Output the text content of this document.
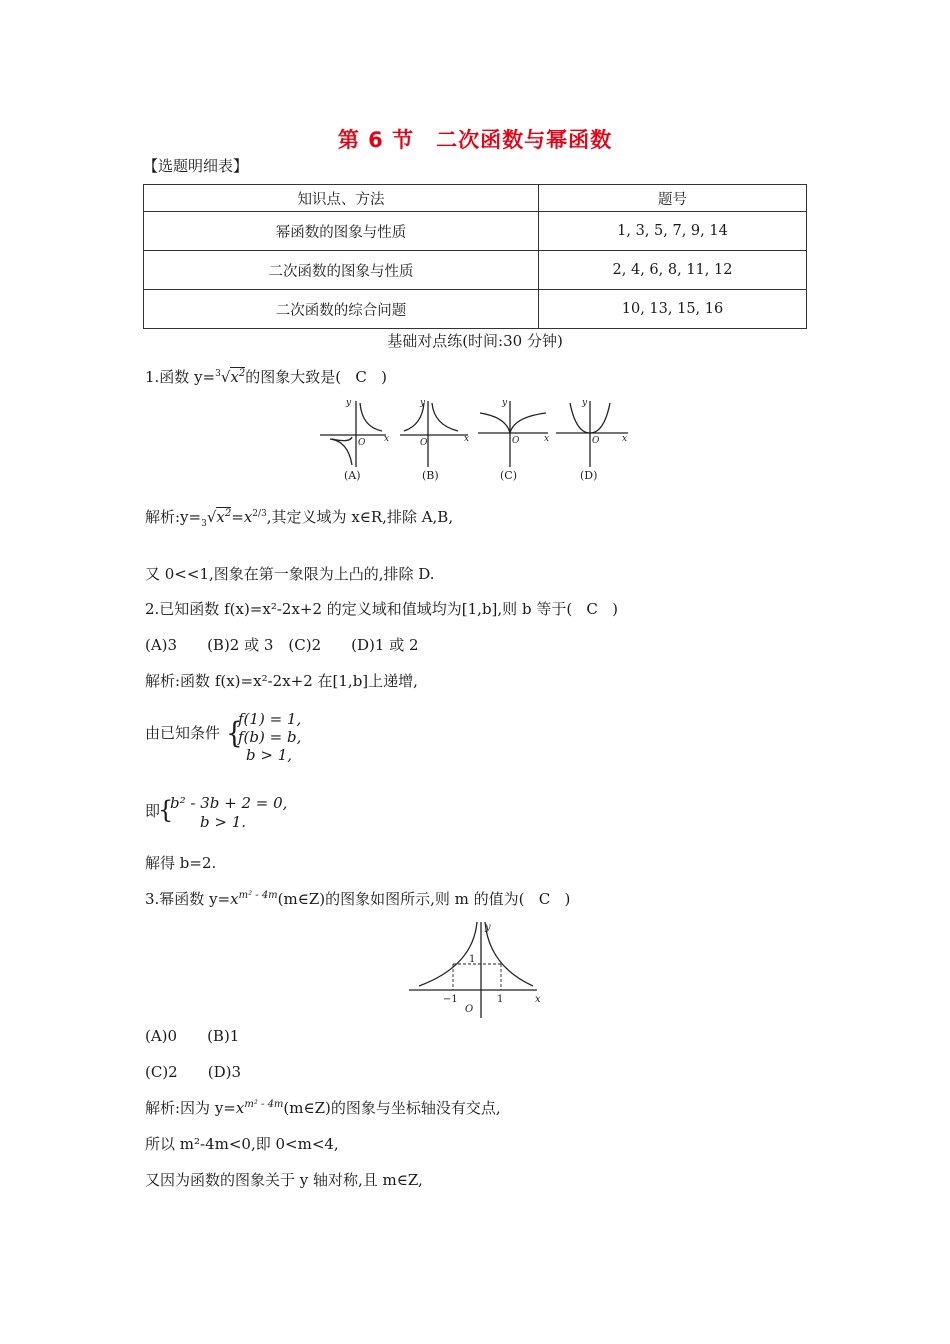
第 6 节　二次函数与幂函数
【选题明细表】
知识点、方法	题号
幂函数的图象与性质	1, 3, 5, 7, 9, 14
二次函数的图象与性质	2, 4, 6, 8, 11, 12
二次函数的综合问题	10, 13, 15, 16
基础对点练(时间:30 分钟)
1.函数 $y=^3√x^2$的图象大致是( C )
y
x
O
y
x
O
y
x
O
y
x
O
(A)	(B)	(C)	(D)
解析$:y=_3√x^2=x^{2/3}$,其定义域为 x∈R,排除 A,B,
又 0<<1,图象在第一象限为上凸的,排除 D.
2.已知函数 f(x)=x²-2x+2 的定义域和值域均为[1,b],则 b 等于( C )
(A)3　　(B)2 或 3　(C)2　　(D)1 或 2
解析:函数 f(x)=x²-2x+2 在[1,b]上递增,
由已知条件 {
f(1) = 1,
f(b) = b,
b > 1,
即
{
b² - 3b + 2 = 0,
b > 1.
解得 b=2.
3.幂函数 $y=x^{m^2 - 4m}(m\in Z)$的图象如图所示,则 m 的值为( C )
y
x
O
1
−1	1
(A)0　　(B)1
(C)2　　(D)3
解析:因为 $y=x^{m^2 - 4m}(m\in Z)$的图象与坐标轴没有交点,
所以 m²-4m<0,即 0<m<4,
又因为函数的图象关于 y 轴对称,且 m∈Z,
